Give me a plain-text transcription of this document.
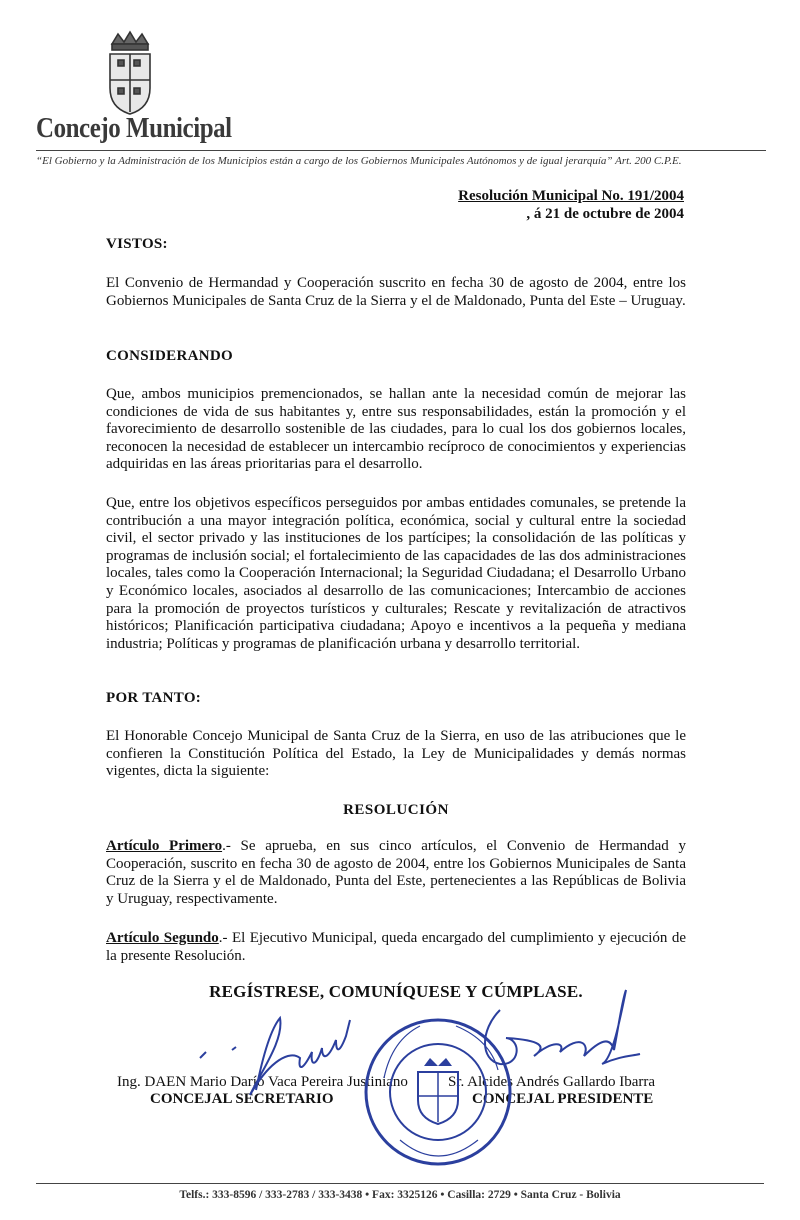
Concejo Municipal
“El Gobierno y la Administración de los Municipios están a cargo de los Gobiernos Municipales Autónomos y de igual jerarquía” Art. 200 C.P.E.
Resolución Municipal No. 191/2004
, á 21 de octubre de 2004
VISTOS:

El Convenio de Hermandad y Cooperación suscrito en fecha 30 de agosto de 2004, entre los Gobiernos Municipales de Santa Cruz de la Sierra y el de Maldonado, Punta del Este – Uruguay.

CONSIDERANDO

Que, ambos municipios premencionados, se hallan ante la necesidad común de mejorar las condiciones de vida de sus habitantes y, entre sus responsabilidades, están la promoción y el favorecimiento de desarrollo sostenible de las ciudades, para lo cual los dos gobiernos locales, reconocen la necesidad de establecer un intercambio recíproco de conocimientos y experiencias adquiridas en las áreas prioritarias para el desarrollo.

Que, entre los objetivos específicos perseguidos por ambas entidades comunales, se pretende la contribución a una mayor integración política, económica, social y cultural entre la sociedad civil, el sector privado y las instituciones de los partícipes; la consolidación de las políticas y programas de inclusión social; el fortalecimiento de las capacidades de las dos administraciones locales, tales como la Cooperación Internacional; la Seguridad Ciudadana; el Desarrollo Urbano y Económico locales, asociados al desarrollo de las comunicaciones; Intercambio de acciones para la promoción de proyectos turísticos y culturales; Rescate y revitalización de atractivos históricos; Planificación participativa ciudadana; Apoyo e incentivos a la pequeña y mediana industria; Políticas y programas de planificación urbana y desarrollo territorial.

POR TANTO:

El Honorable Concejo Municipal de Santa Cruz de la Sierra, en uso de las atribuciones que le confieren la Constitución Política del Estado, la Ley de Municipalidades y demás normas vigentes, dicta la siguiente:

RESOLUCIÓN

Artículo Primero.- Se aprueba, en sus cinco artículos, el Convenio de Hermandad y Cooperación, suscrito en fecha 30 de agosto de 2004, entre los Gobiernos Municipales de Santa Cruz de la Sierra y el de Maldonado, Punta del Este, pertenecientes a las Repúblicas de Bolivia y Uruguay, respectivamente.

Artículo Segundo.- El Ejecutivo Municipal, queda encargado del cumplimiento y ejecución de la presente Resolución.

REGÍSTRESE, COMUNÍQUESE Y CÚMPLASE.
Ing. DAEN Mario Darío Vaca Pereira Justiniano
CONCEJAL SECRETARIO
Sr. Alcides Andrés Gallardo Ibarra
CONCEJAL PRESIDENTE
Telfs.: 333-8596 / 333-2783 / 333-3438 • Fax: 3325126 • Casilla: 2729 • Santa Cruz - Bolivia
